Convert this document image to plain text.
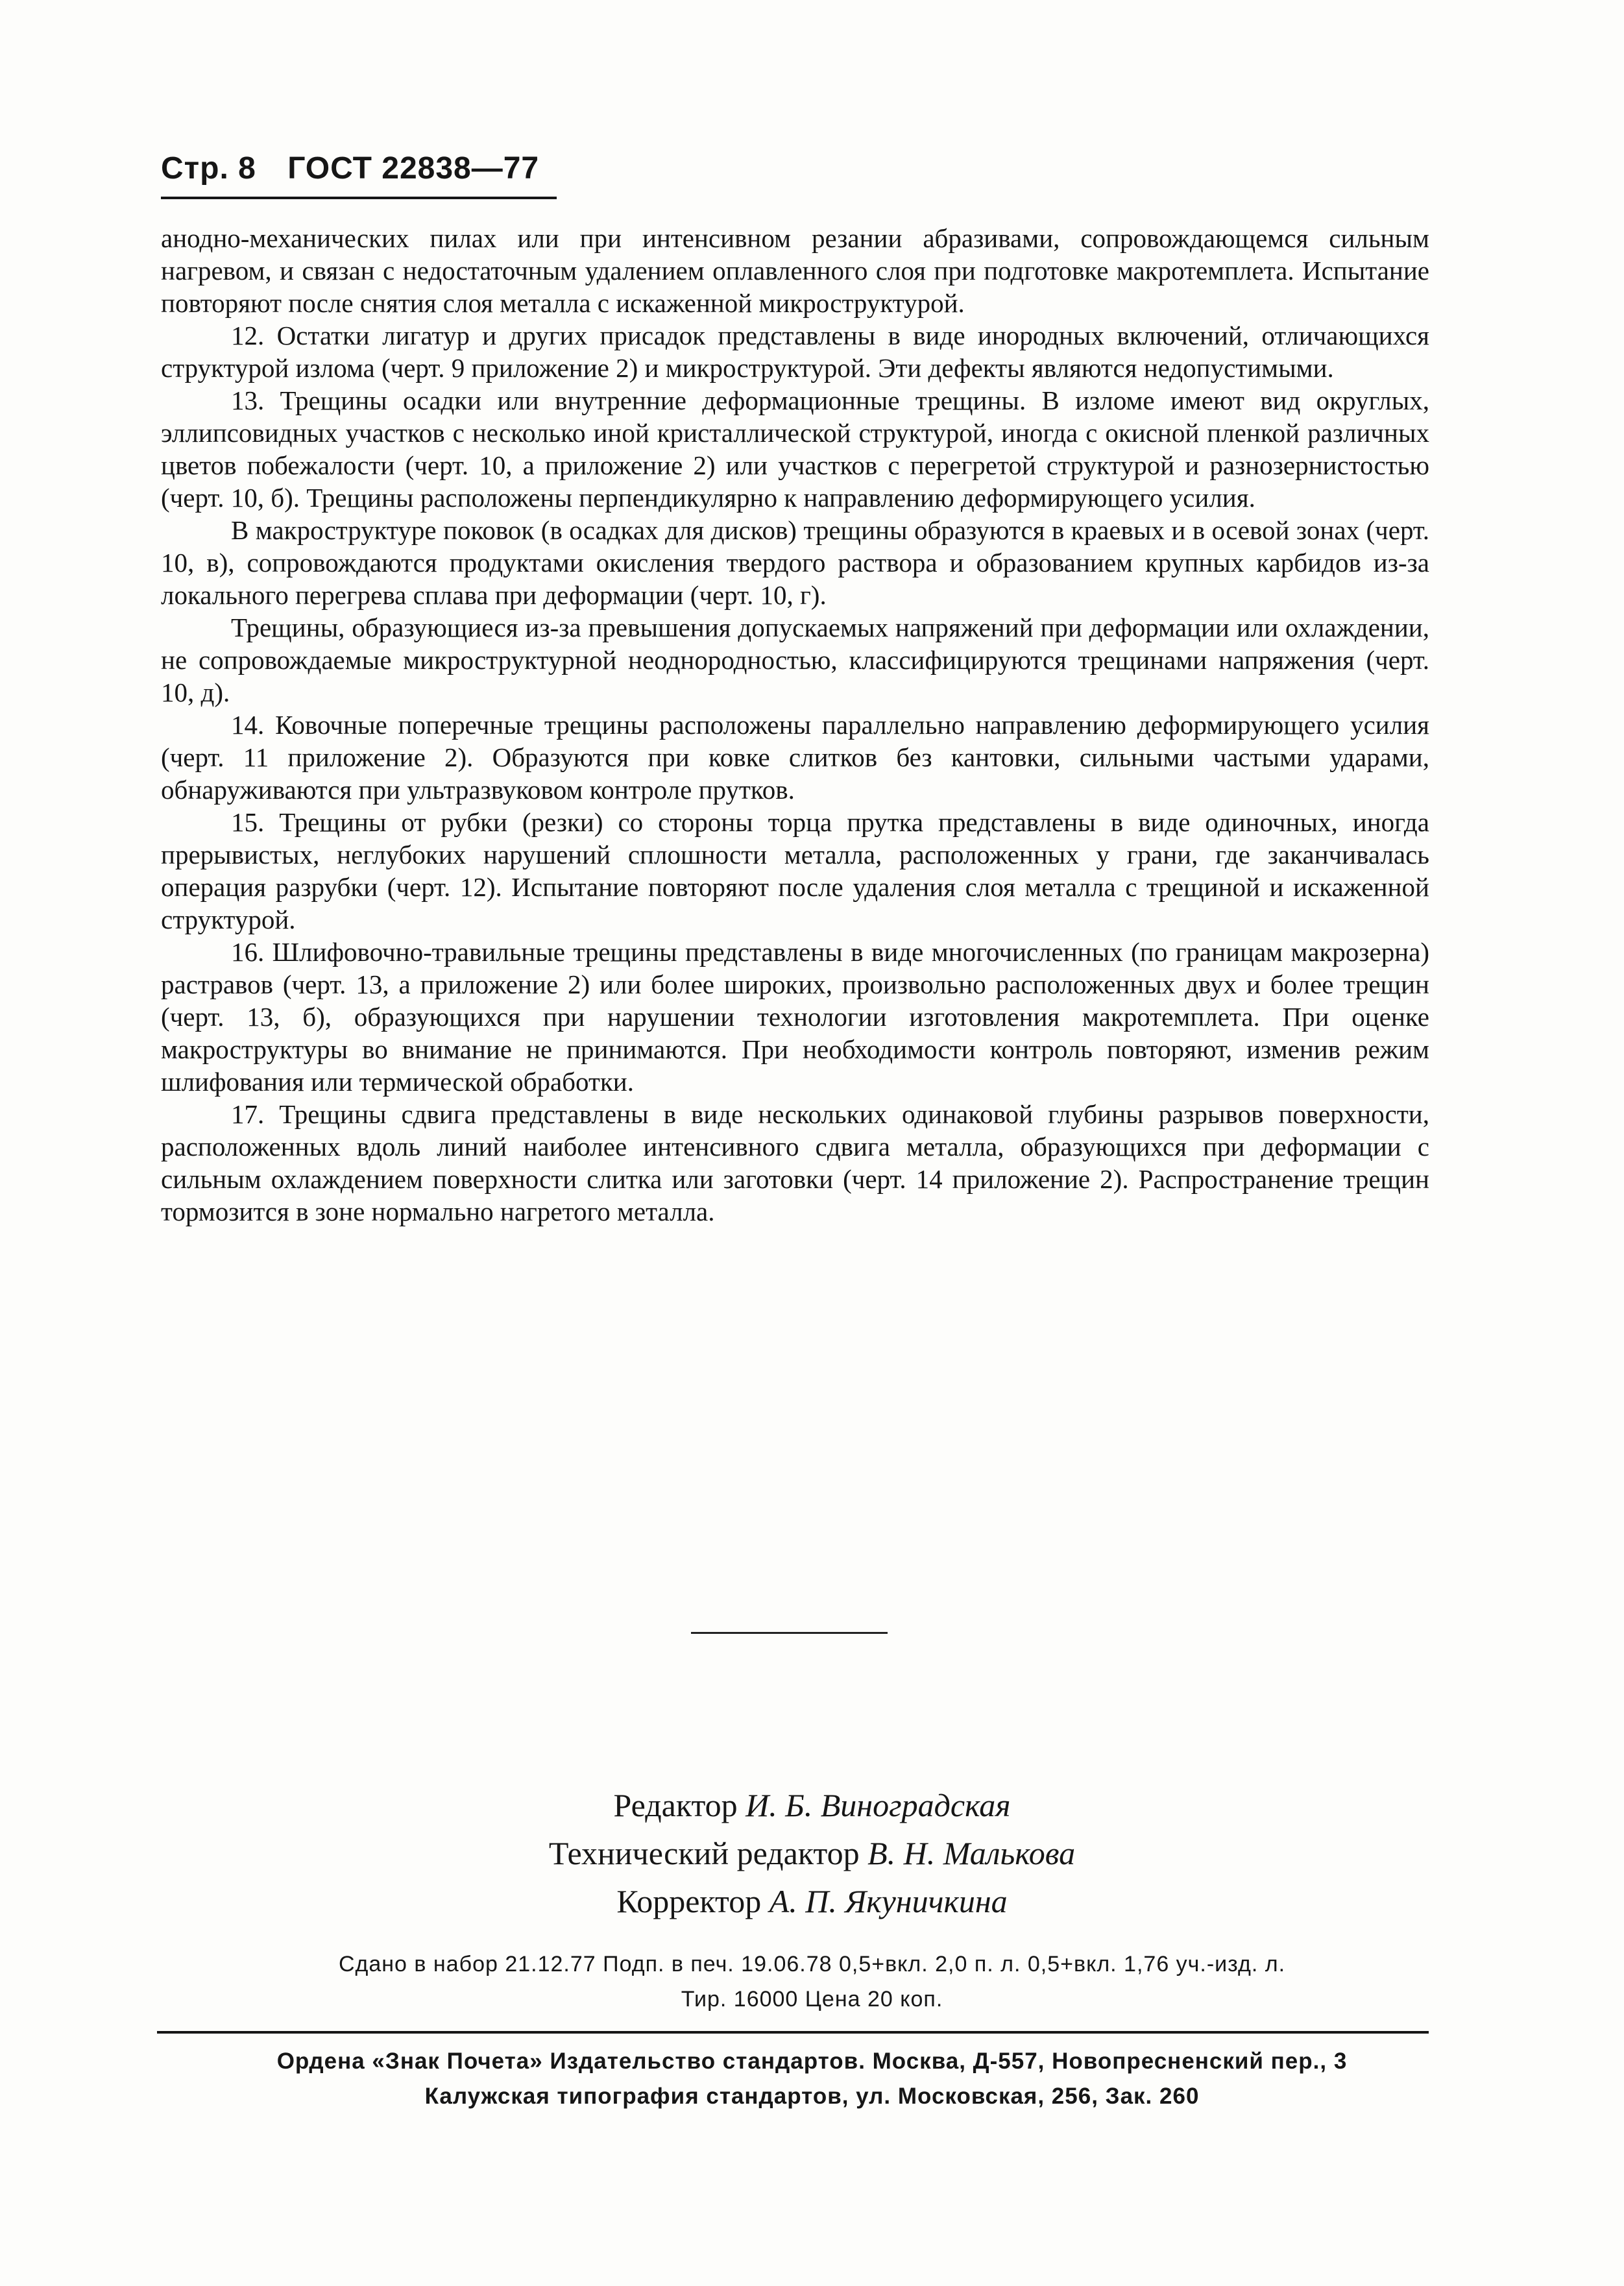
Стр. 8 ГОСТ 22838—77

анодно-механических пилах или при интенсивном резании абразивами, сопровождающемся сильным нагревом, и связан с недостаточным удалением оплавленного слоя при подготовке макротемплета. Испытание повторяют после снятия слоя металла с искаженной микроструктурой.

12. Остатки лигатур и других присадок представлены в виде инородных включений, отличающихся структурой излома (черт. 9 приложение 2) и микроструктурой. Эти дефекты являются недопустимыми.

13. Трещины осадки или внутренние деформационные трещины. В изломе имеют вид округлых, эллипсовидных участков с несколько иной кристаллической структурой, иногда с окисной пленкой различных цветов побежалости (черт. 10, а приложение 2) или участков с перегретой структурой и разнозернистостью (черт. 10, б). Трещины расположены перпендикулярно к направлению деформирующего усилия.

В макроструктуре поковок (в осадках для дисков) трещины образуются в краевых и в осевой зонах (черт. 10, в), сопровождаются продуктами окисления твердого раствора и образованием крупных карбидов из-за локального перегрева сплава при деформации (черт. 10, г).

Трещины, образующиеся из-за превышения допускаемых напряжений при деформации или охлаждении, не сопровождаемые микроструктурной неоднородностью, классифицируются трещинами напряжения (черт. 10, д).

14. Ковочные поперечные трещины расположены параллельно направлению деформирующего усилия (черт. 11 приложение 2). Образуются при ковке слитков без кантовки, сильными частыми ударами, обнаруживаются при ультразвуковом контроле прутков.

15. Трещины от рубки (резки) со стороны торца прутка представлены в виде одиночных, иногда прерывистых, неглубоких нарушений сплошности металла, расположенных у грани, где заканчивалась операция разрубки (черт. 12). Испытание повторяют после удаления слоя металла с трещиной и искаженной структурой.

16. Шлифовочно-травильные трещины представлены в виде многочисленных (по границам макрозерна) растравов (черт. 13, а приложение 2) или более широких, произвольно расположенных двух и более трещин (черт. 13, б), образующихся при нарушении технологии изготовления макротемплета. При оценке макроструктуры во внимание не принимаются. При необходимости контроль повторяют, изменив режим шлифования или термической обработки.

17. Трещины сдвига представлены в виде нескольких одинаковой глубины разрывов поверхности, расположенных вдоль линий наиболее интенсивного сдвига металла, образующихся при деформации с сильным охлаждением поверхности слитка или заготовки (черт. 14 приложение 2). Распространение трещин тормозится в зоне нормально нагретого металла.

Редактор И. Б. Виноградская
Технический редактор В. Н. Малькова
Корректор А. П. Якуничкина
Сдано в набор 21.12.77 Подп. в печ. 19.06.78 0,5+вкл. 2,0 п. л. 0,5+вкл. 1,76 уч.-изд. л.
Тир. 16000 Цена 20 коп.
Ордена «Знак Почета» Издательство стандартов. Москва, Д-557, Новопресненский пер., 3
Калужская типография стандартов, ул. Московская, 256, Зак. 260
